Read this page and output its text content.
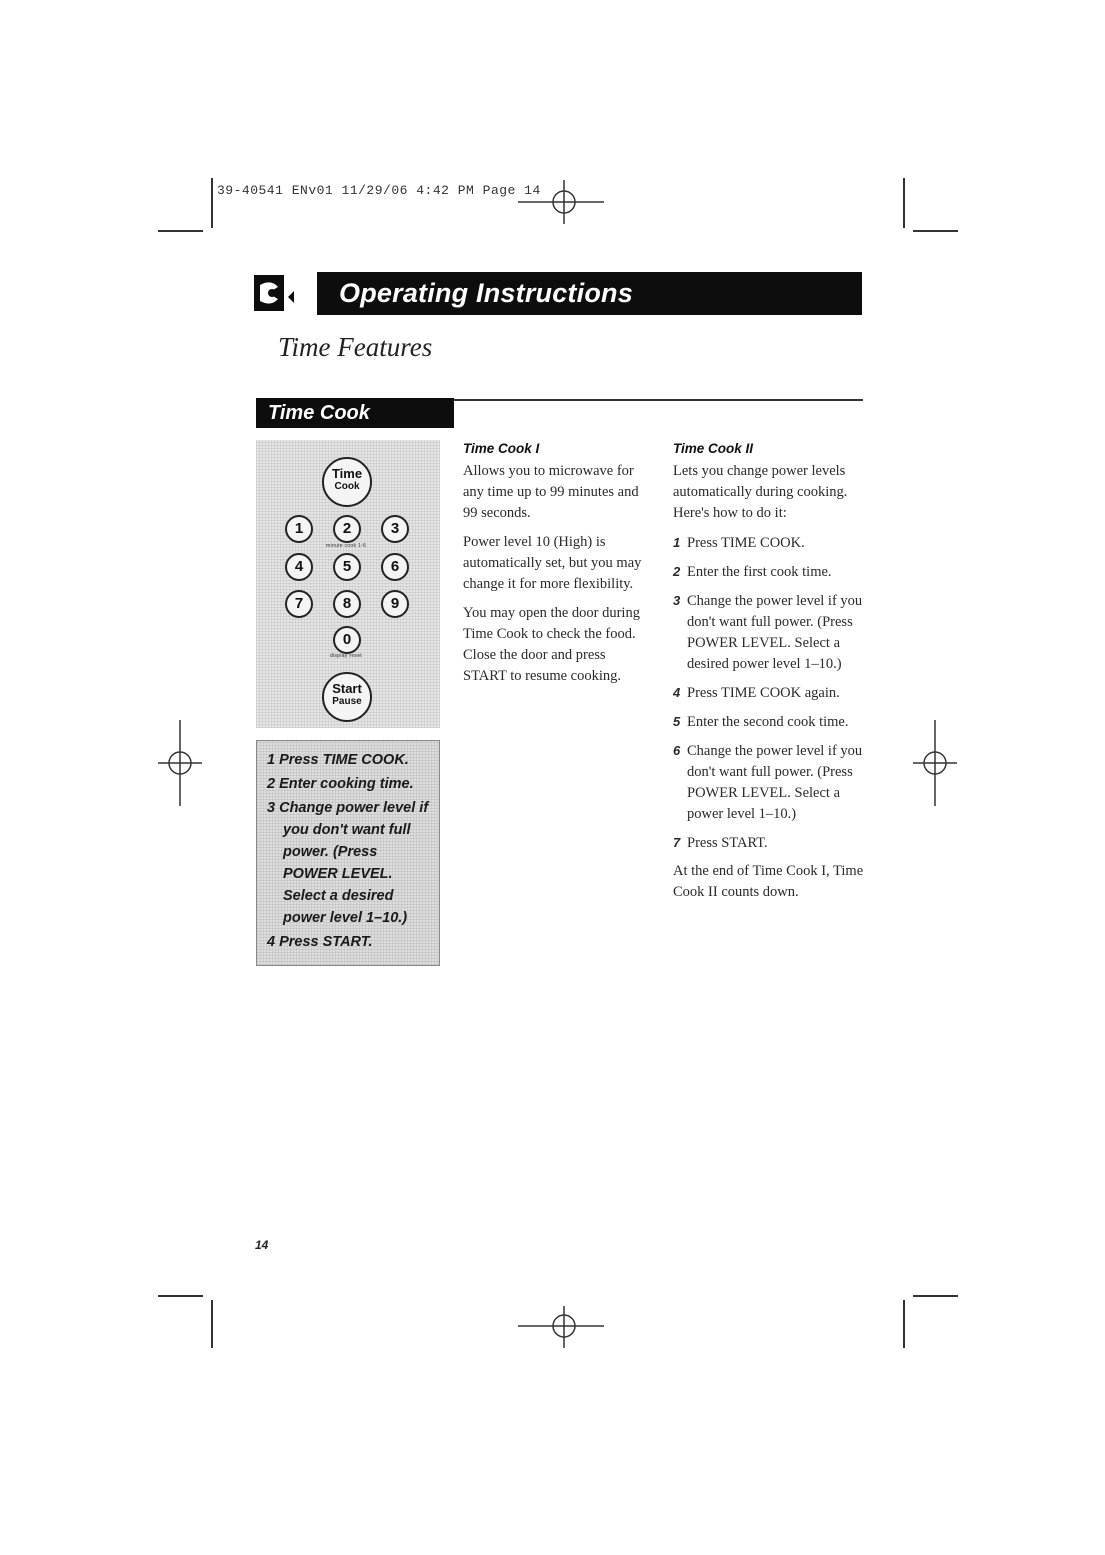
39-40541 ENv01 11/29/06 4:42 PM Page 14
Operating Instructions
Time Features
Time Cook
Time
Cook
1	2	3
minute cook 1-6
4	5	6
7	8	9
0
display reset
Start
Pause
1 Press TIME COOK.
2 Enter cooking time.
3 Change power level if you don't want full power. (Press POWER LEVEL. Select a desired power level 1–10.)
4 Press START.
Time Cook I

Allows you to microwave for any time up to 99 minutes and 99 seconds.

Power level 10 (High) is automatically set, but you may change it for more flexibility.

You may open the door during Time Cook to check the food. Close the door and press START to resume cooking.

Time Cook II

Lets you change power levels automatically during cooking. Here's how to do it:

1 Press TIME COOK.
2 Enter the first cook time.
3 Change the power level if you don't want full power. (Press POWER LEVEL. Select a desired power level 1–10.)
4 Press TIME COOK again.
5 Enter the second cook time.
6 Change the power level if you don't want full power. (Press POWER LEVEL. Select a power level 1–10.)
7 Press START.

At the end of Time Cook I, Time Cook II counts down.

14
